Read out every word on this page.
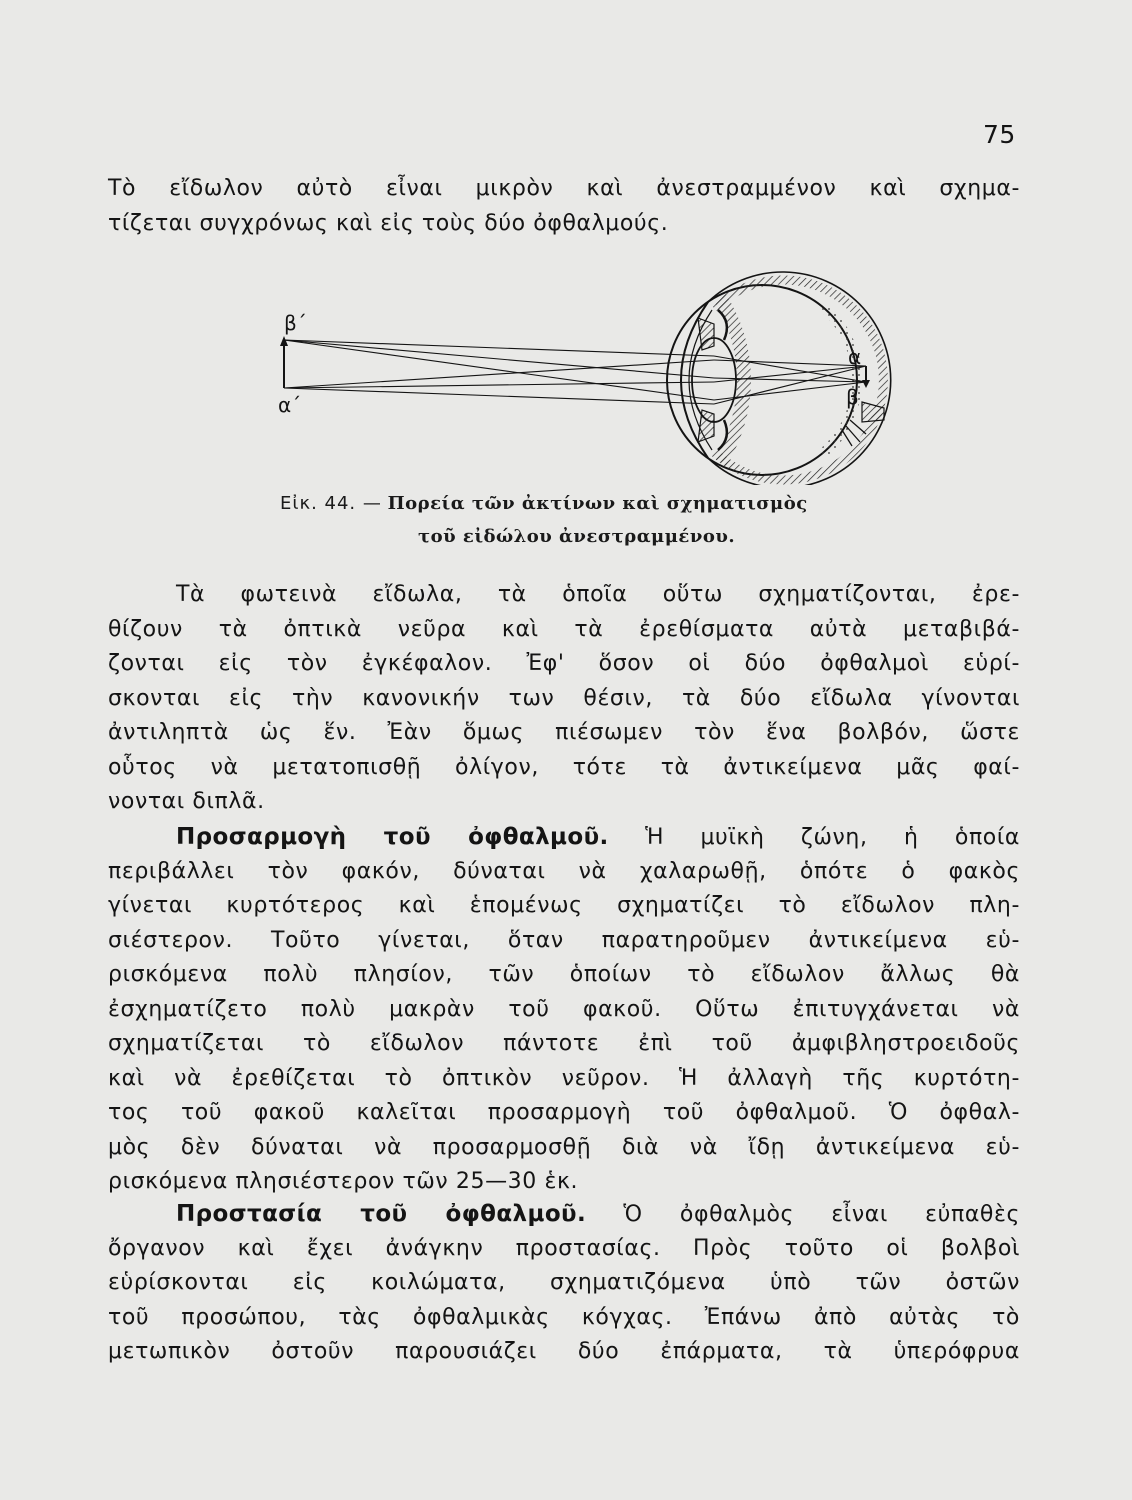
75
Τὸ εἴδωλον αὐτὸ εἶναι μικρὸν καὶ ἀνεστραμμένον καὶ σχημα-
τίζεται συγχρόνως καὶ εἰς τοὺς δύο ὀφθαλμούς.
β΄
α΄
α
β
Εἰκ. 44. — Πορεία τῶν ἀκτίνων καὶ σχηματισμὸς
τοῦ εἰδώλου ἀνεστραμμένου.
Τὰ φωτεινὰ εἴδωλα, τὰ ὁποῖα οὕτω σχηματίζονται, ἐρε-
θίζουν τὰ ὀπτικὰ νεῦρα καὶ τὰ ἐρεθίσματα αὐτὰ μεταβιβά-
ζονται εἰς τὸν ἐγκέφαλον. Ἐφ' ὅσον οἱ δύο ὀφθαλμοὶ εὑρί-
σκονται εἰς τὴν κανονικήν των θέσιν, τὰ δύο εἴδωλα γίνονται
ἀντιληπτὰ ὡς ἕν. Ἐὰν ὅμως πιέσωμεν τὸν ἕνα βολβόν, ὥστε
οὗτος νὰ μετατοπισθῇ ὀλίγον, τότε τὰ ἀντικείμενα μᾶς φαί-
νονται διπλᾶ.
Προσαρμογὴ τοῦ ὀφθαλμοῦ. Ἡ μυϊκὴ ζώνη, ἡ ὁποία
περιβάλλει τὸν φακόν, δύναται νὰ χαλαρωθῇ, ὁπότε ὁ φακὸς
γίνεται κυρτότερος καὶ ἑπομένως σχηματίζει τὸ εἴδωλον πλη-
σιέστερον. Τοῦτο γίνεται, ὅταν παρατηροῦμεν ἀντικείμενα εὑ-
ρισκόμενα πολὺ πλησίον, τῶν ὁποίων τὸ εἴδωλον ἄλλως θὰ
ἐσχηματίζετο πολὺ μακρὰν τοῦ φακοῦ. Οὕτω ἐπιτυγχάνεται νὰ
σχηματίζεται τὸ εἴδωλον πάντοτε ἐπὶ τοῦ ἀμφιβληστροειδοῦς
καὶ νὰ ἐρεθίζεται τὸ ὀπτικὸν νεῦρον. Ἡ ἀλλαγὴ τῆς κυρτότη-
τος τοῦ φακοῦ καλεῖται προσαρμογὴ τοῦ ὀφθαλμοῦ. Ὁ ὀφθαλ-
μὸς δὲν δύναται νὰ προσαρμοσθῇ διὰ νὰ ἴδῃ ἀντικείμενα εὑ-
ρισκόμενα πλησιέστερον τῶν 25—30 ἑκ.
Προστασία τοῦ ὀφθαλμοῦ. Ὁ ὀφθαλμὸς εἶναι εὐπαθὲς
ὄργανον καὶ ἔχει ἀνάγκην προστασίας. Πρὸς τοῦτο οἱ βολβοὶ
εὑρίσκονται εἰς κοιλώματα, σχηματιζόμενα ὑπὸ τῶν ὀστῶν
τοῦ προσώπου, τὰς ὀφθαλμικὰς κόγχας. Ἐπάνω ἀπὸ αὐτὰς τὸ
μετωπικὸν ὀστοῦν παρουσιάζει δύο ἐπάρματα, τὰ ὑπερόφρυα
